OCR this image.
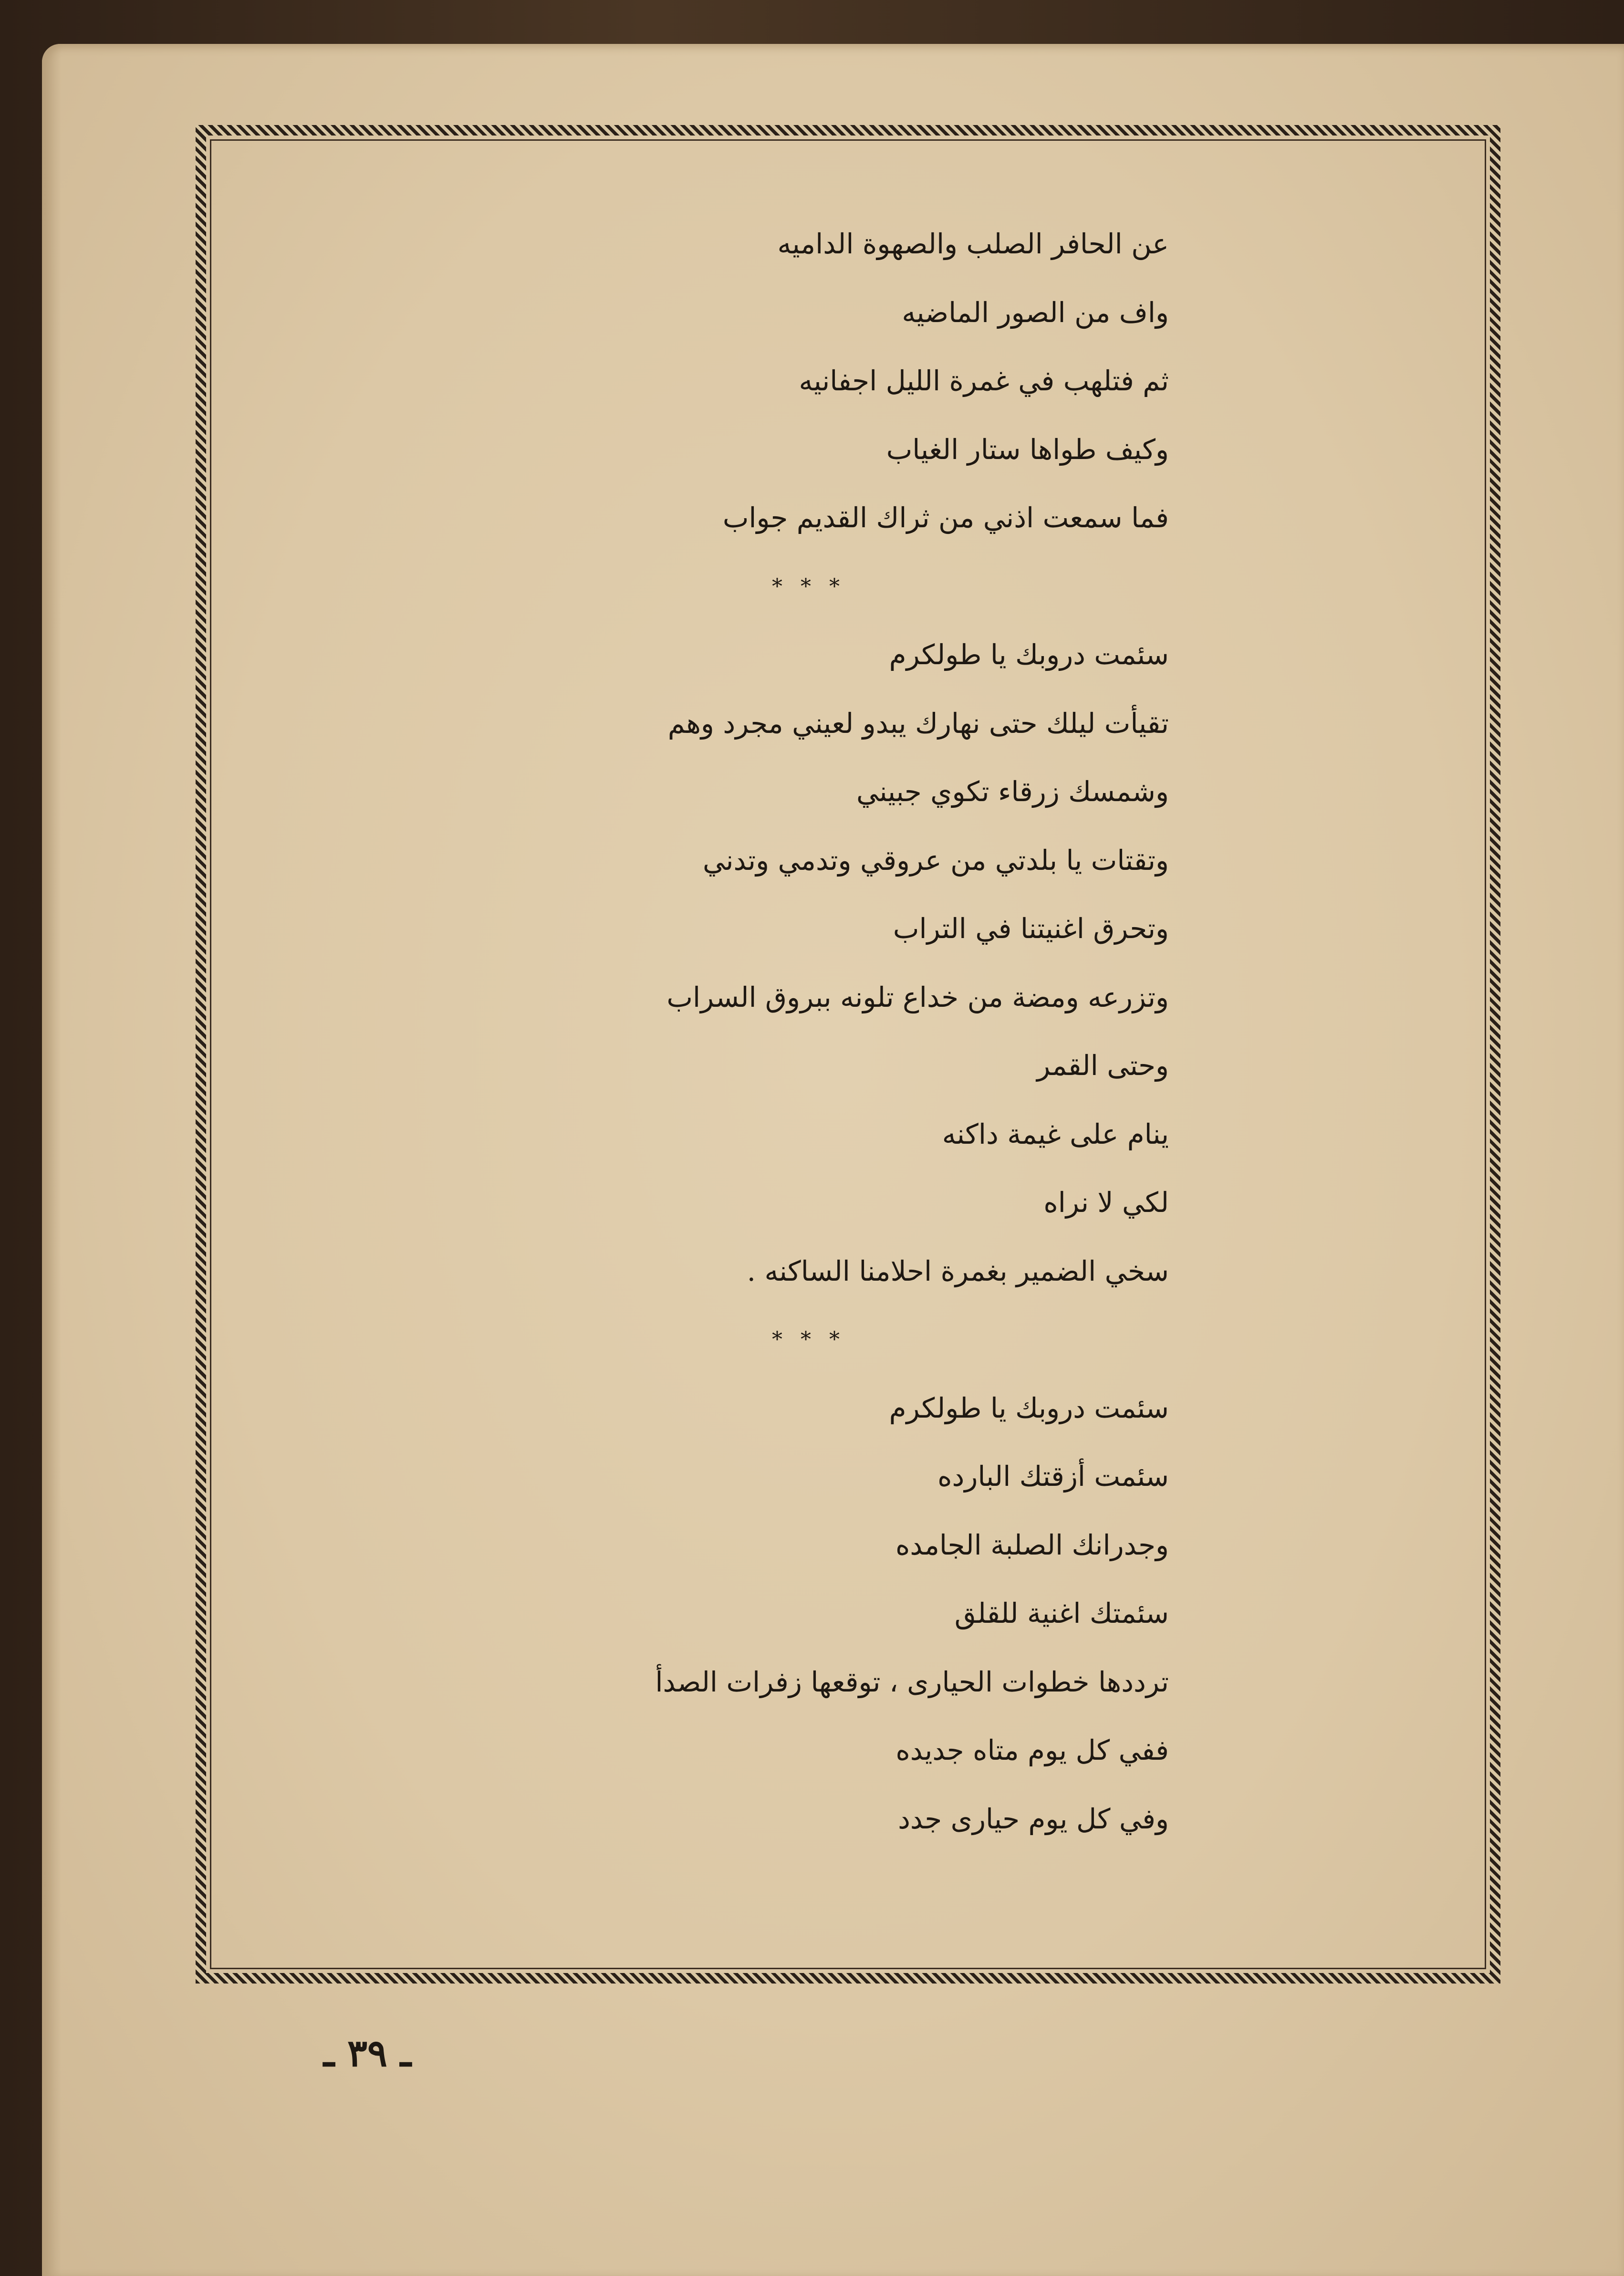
عن الحافر الصلب والصهوة الداميه
واف من الصور الماضيه
ثم فتلهب في غمرة الليل اجفانيه
وكيف طواها ستار الغياب
فما سمعت اذني من ثراك القديم جواب
* * *
سئمت دروبك يا طولكرم
تقيأت ليلك حتى نهارك يبدو لعيني مجرد وهم
وشمسك زرقاء تكوي جبيني
وتقتات يا بلدتي من عروقي وتدمي وتدني
وتحرق اغنيتنا في التراب
وتزرعه ومضة من خداع تلونه ببروق السراب
وحتى القمر
ينام على غيمة داكنه
لكي لا نراه
سخي الضمير بغمرة احلامنا الساكنه .
* * *
سئمت دروبك يا طولكرم
سئمت أزقتك البارده
وجدرانك الصلبة الجامده
سئمتك اغنية للقلق
ترددها خطوات الحيارى ، توقعها زفرات الصدأ
ففي كل يوم متاه جديده
وفي كل يوم حيارى جدد
ـ ٣٩ ـ
